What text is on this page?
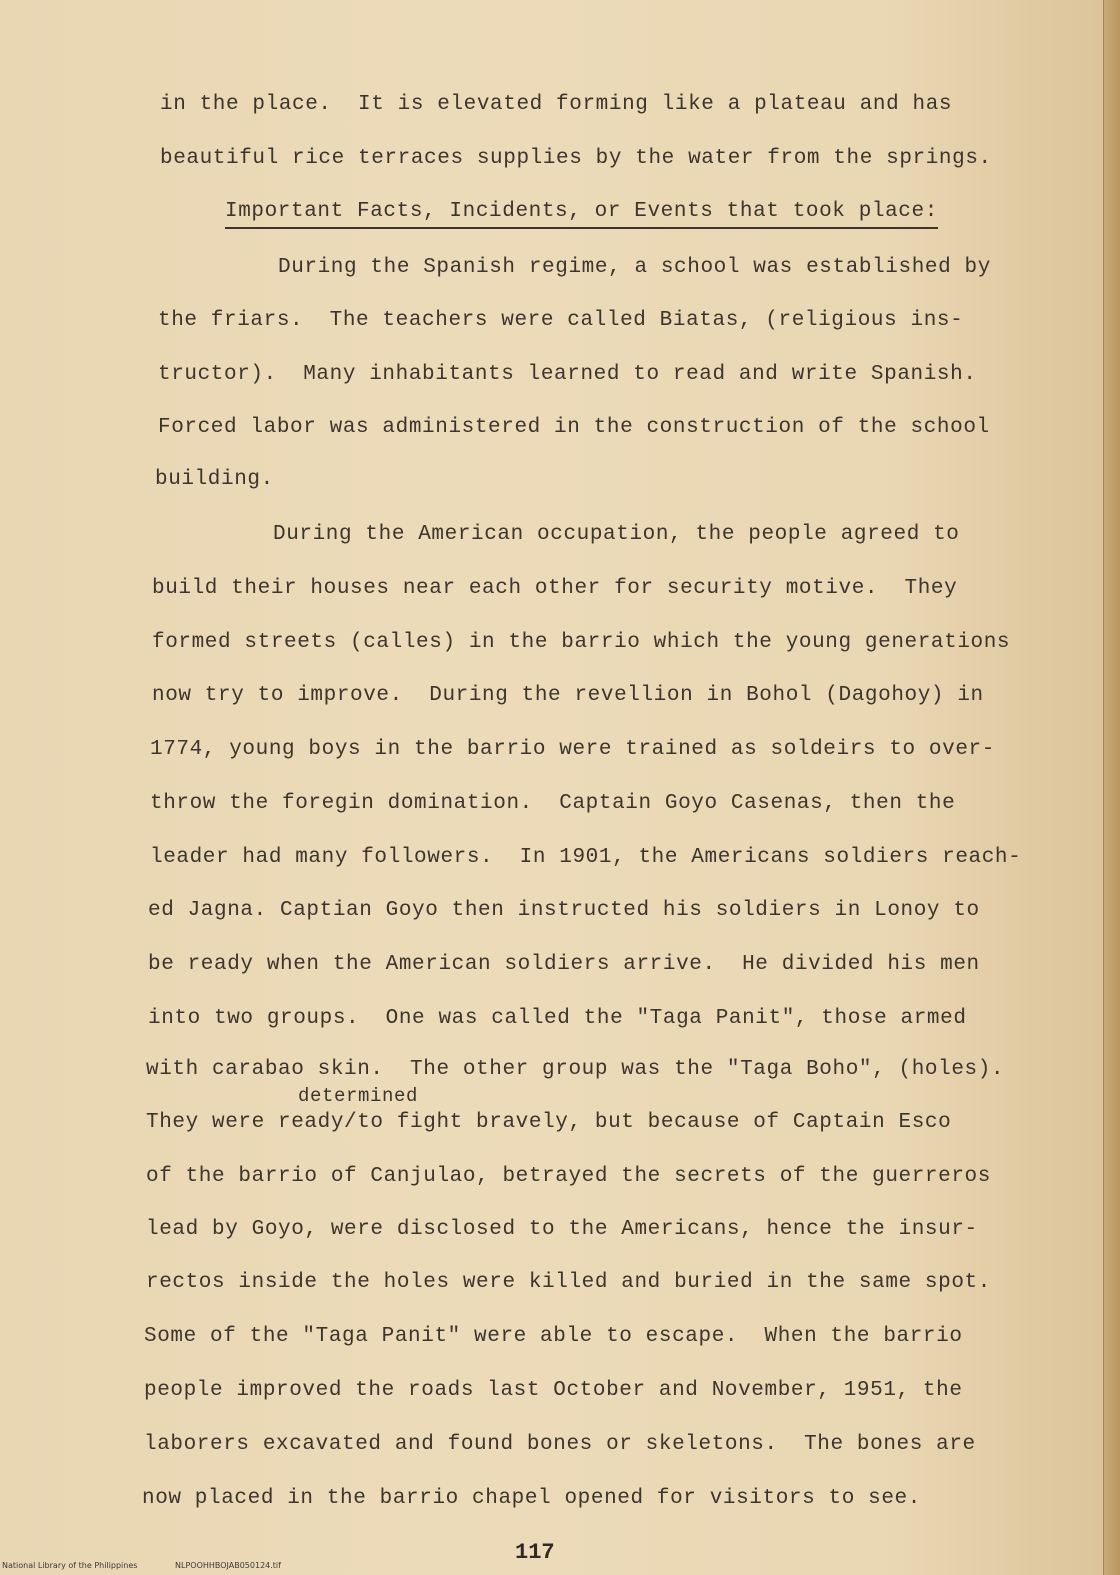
in the place.  It is elevated forming like a plateau and has
beautiful rice terraces supplies by the water from the springs.
Important Facts, Incidents, or Events that took place:
During the Spanish regime, a school was established by
the friars.  The teachers were called Biatas, (religious ins-
tructor).  Many inhabitants learned to read and write Spanish.
Forced labor was administered in the construction of the school
building.
During the American occupation, the people agreed to
build their houses near each other for security motive.  They
formed streets (calles) in the barrio which the young generations
now try to improve.  During the revellion in Bohol (Dagohoy) in
1774, young boys in the barrio were trained as soldeirs to over-
throw the foregin domination.  Captain Goyo Casenas, then the
leader had many followers.  In 1901, the Americans soldiers reach-
ed Jagna. Captian Goyo then instructed his soldiers in Lonoy to
be ready when the American soldiers arrive.  He divided his men
into two groups.  One was called the "Taga Panit", those armed
with carabao skin.  The other group was the "Taga Boho", (holes).
determined
They were ready/to fight bravely, but because of Captain Esco
of the barrio of Canjulao, betrayed the secrets of the guerreros
lead by Goyo, were disclosed to the Americans, hence the insur-
rectos inside the holes were killed and buried in the same spot.
Some of the "Taga Panit" were able to escape.  When the barrio
people improved the roads last October and November, 1951, the
laborers excavated and found bones or skeletons.  The bones are
now placed in the barrio chapel opened for visitors to see.
117
National Library of the Philippines	NLPOOHHBOJAB050124.tif
